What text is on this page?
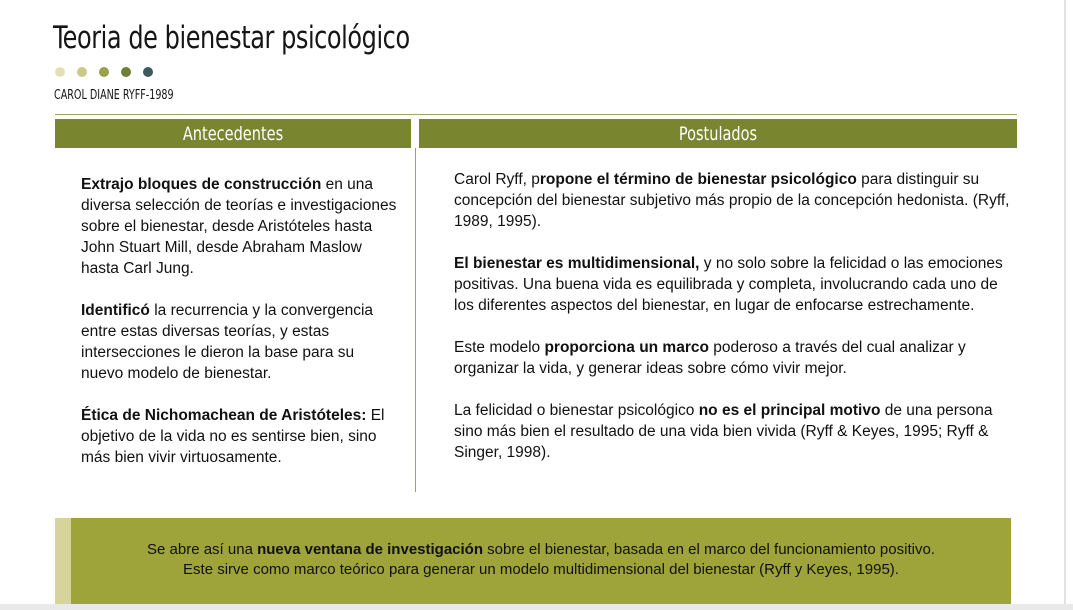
Teoria de bienestar psicológico
CAROL DIANE RYFF-1989
Antecedentes	Postulados

Extrajo bloques de construcción en una diversa selección de teorías e investigaciones sobre el bienestar, desde Aristóteles hasta John Stuart Mill, desde Abraham Maslow hasta Carl Jung.

Identificó la recurrencia y la convergencia entre estas diversas teorías, y estas intersecciones le dieron la base para su nuevo modelo de bienestar.

Ética de Nichomachean de Aristóteles: El objetivo de la vida no es sentirse bien, sino más bien vivir virtuosamente.

Carol Ryff, propone el término de bienestar psicológico para distinguir su concepción del bienestar subjetivo más propio de la concepción hedonista. (Ryff, 1989, 1995).

El bienestar es multidimensional, y no solo sobre la felicidad o las emociones positivas. Una buena vida es equilibrada y completa, involucrando cada uno de los diferentes aspectos del bienestar, en lugar de enfocarse estrechamente.

Este modelo proporciona un marco poderoso a través del cual analizar y organizar la vida, y generar ideas sobre cómo vivir mejor.

La felicidad o bienestar psicológico no es el principal motivo de una persona sino más bien el resultado de una vida bien vivida (Ryff & Keyes, 1995; Ryff & Singer, 1998).

Se abre así una nueva ventana de investigación sobre el bienestar, basada en el marco del funcionamiento positivo.
Este sirve como marco teórico para generar un modelo multidimensional del bienestar (Ryff y Keyes, 1995).
